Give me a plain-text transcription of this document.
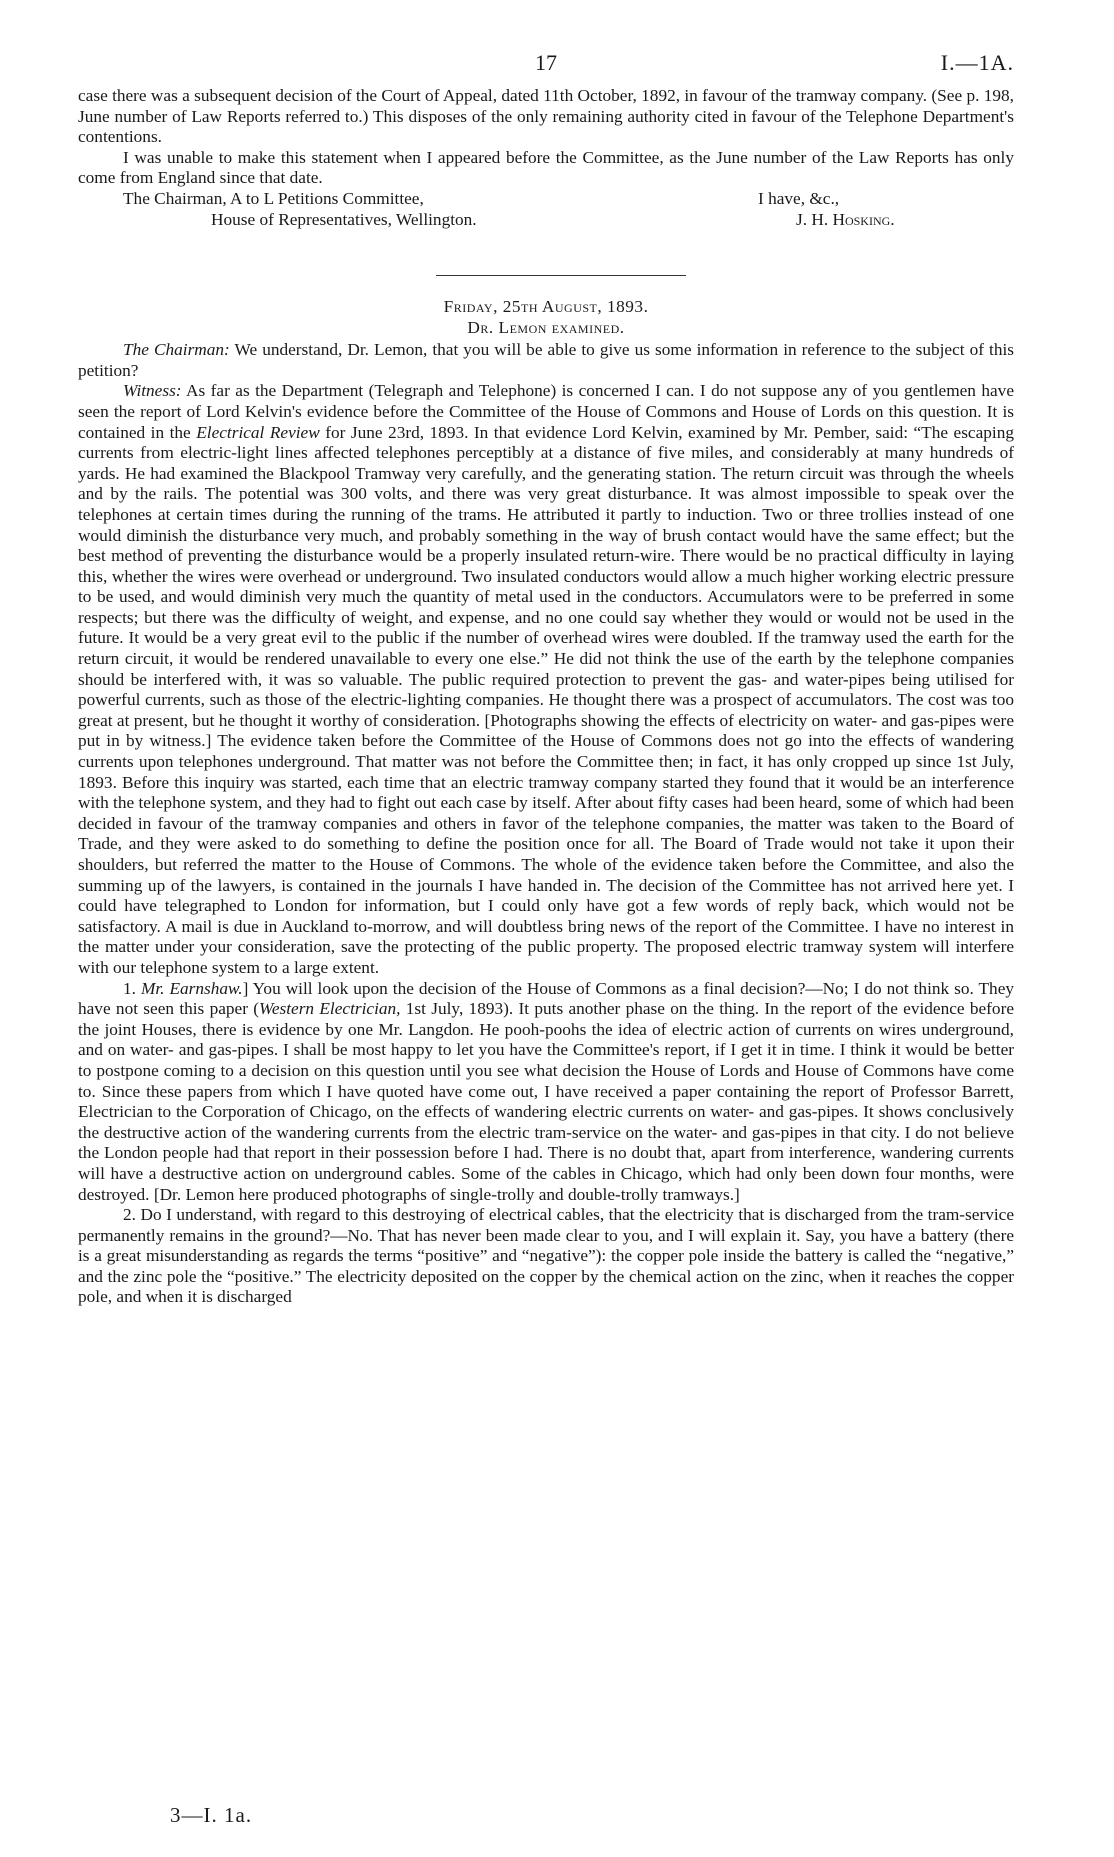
17	I.—1A.

case there was a subsequent decision of the Court of Appeal, dated 11th October, 1892, in favour of the tramway company. (See p. 198, June number of Law Reports referred to.) This disposes of the only remaining authority cited in favour of the Telephone Department's contentions.

I was unable to make this statement when I appeared before the Committee, as the June number of the Law Reports has only come from England since that date.

The Chairman, A to L Petitions Committee,	I have, &c.,
House of Representatives, Wellington.	J. H. Hosking.
Friday, 25th August, 1893.
Dr. Lemon examined.

The Chairman: We understand, Dr. Lemon, that you will be able to give us some information in reference to the subject of this petition?

Witness: As far as the Department (Telegraph and Telephone) is concerned I can. I do not suppose any of you gentlemen have seen the report of Lord Kelvin's evidence before the Committee of the House of Commons and House of Lords on this question. It is contained in the Electrical Review for June 23rd, 1893. In that evidence Lord Kelvin, examined by Mr. Pember, said: “The escaping currents from electric-light lines affected telephones perceptibly at a distance of five miles, and considerably at many hundreds of yards. He had examined the Blackpool Tramway very carefully, and the generating station. The return circuit was through the wheels and by the rails. The potential was 300 volts, and there was very great disturbance. It was almost impossible to speak over the telephones at certain times during the running of the trams. He attributed it partly to induction. Two or three trollies instead of one would diminish the disturbance very much, and probably something in the way of brush contact would have the same effect; but the best method of preventing the disturbance would be a properly insulated return-wire. There would be no practical difficulty in laying this, whether the wires were overhead or underground. Two insulated conductors would allow a much higher working electric pressure to be used, and would diminish very much the quantity of metal used in the conductors. Accumulators were to be preferred in some respects; but there was the difficulty of weight, and expense, and no one could say whether they would or would not be used in the future. It would be a very great evil to the public if the number of overhead wires were doubled. If the tramway used the earth for the return circuit, it would be rendered unavailable to every one else.” He did not think the use of the earth by the telephone companies should be interfered with, it was so valuable. The public required protection to prevent the gas- and water-pipes being utilised for powerful currents, such as those of the electric-lighting companies. He thought there was a prospect of accumulators. The cost was too great at present, but he thought it worthy of consideration. [Photographs showing the effects of electricity on water- and gas-pipes were put in by witness.] The evidence taken before the Committee of the House of Commons does not go into the effects of wandering currents upon telephones underground. That matter was not before the Committee then; in fact, it has only cropped up since 1st July, 1893. Before this inquiry was started, each time that an electric tramway company started they found that it would be an interference with the telephone system, and they had to fight out each case by itself. After about fifty cases had been heard, some of which had been decided in favour of the tramway companies and others in favor of the telephone companies, the matter was taken to the Board of Trade, and they were asked to do something to define the position once for all. The Board of Trade would not take it upon their shoulders, but referred the matter to the House of Commons. The whole of the evidence taken before the Committee, and also the summing up of the lawyers, is contained in the journals I have handed in. The decision of the Committee has not arrived here yet. I could have telegraphed to London for information, but I could only have got a few words of reply back, which would not be satisfactory. A mail is due in Auckland to-morrow, and will doubtless bring news of the report of the Committee. I have no interest in the matter under your consideration, save the protecting of the public property. The proposed electric tramway system will interfere with our telephone system to a large extent.

1. Mr. Earnshaw.] You will look upon the decision of the House of Commons as a final decision?—No; I do not think so. They have not seen this paper (Western Electrician, 1st July, 1893). It puts another phase on the thing. In the report of the evidence before the joint Houses, there is evidence by one Mr. Langdon. He pooh-poohs the idea of electric action of currents on wires underground, and on water- and gas-pipes. I shall be most happy to let you have the Committee's report, if I get it in time. I think it would be better to postpone coming to a decision on this question until you see what decision the House of Lords and House of Commons have come to. Since these papers from which I have quoted have come out, I have received a paper containing the report of Professor Barrett, Electrician to the Corporation of Chicago, on the effects of wandering electric currents on water- and gas-pipes. It shows conclusively the destructive action of the wandering currents from the electric tram-service on the water- and gas-pipes in that city. I do not believe the London people had that report in their possession before I had. There is no doubt that, apart from interference, wandering currents will have a destructive action on underground cables. Some of the cables in Chicago, which had only been down four months, were destroyed. [Dr. Lemon here produced photographs of single-trolly and double-trolly tramways.]

2. Do I understand, with regard to this destroying of electrical cables, that the electricity that is discharged from the tram-service permanently remains in the ground?—No. That has never been made clear to you, and I will explain it. Say, you have a battery (there is a great misunderstanding as regards the terms “positive” and “negative”): the copper pole inside the battery is called the “negative,” and the zinc pole the “positive.” The electricity deposited on the copper by the chemical action on the zinc, when it reaches the copper pole, and when it is discharged

3—I. 1a.
